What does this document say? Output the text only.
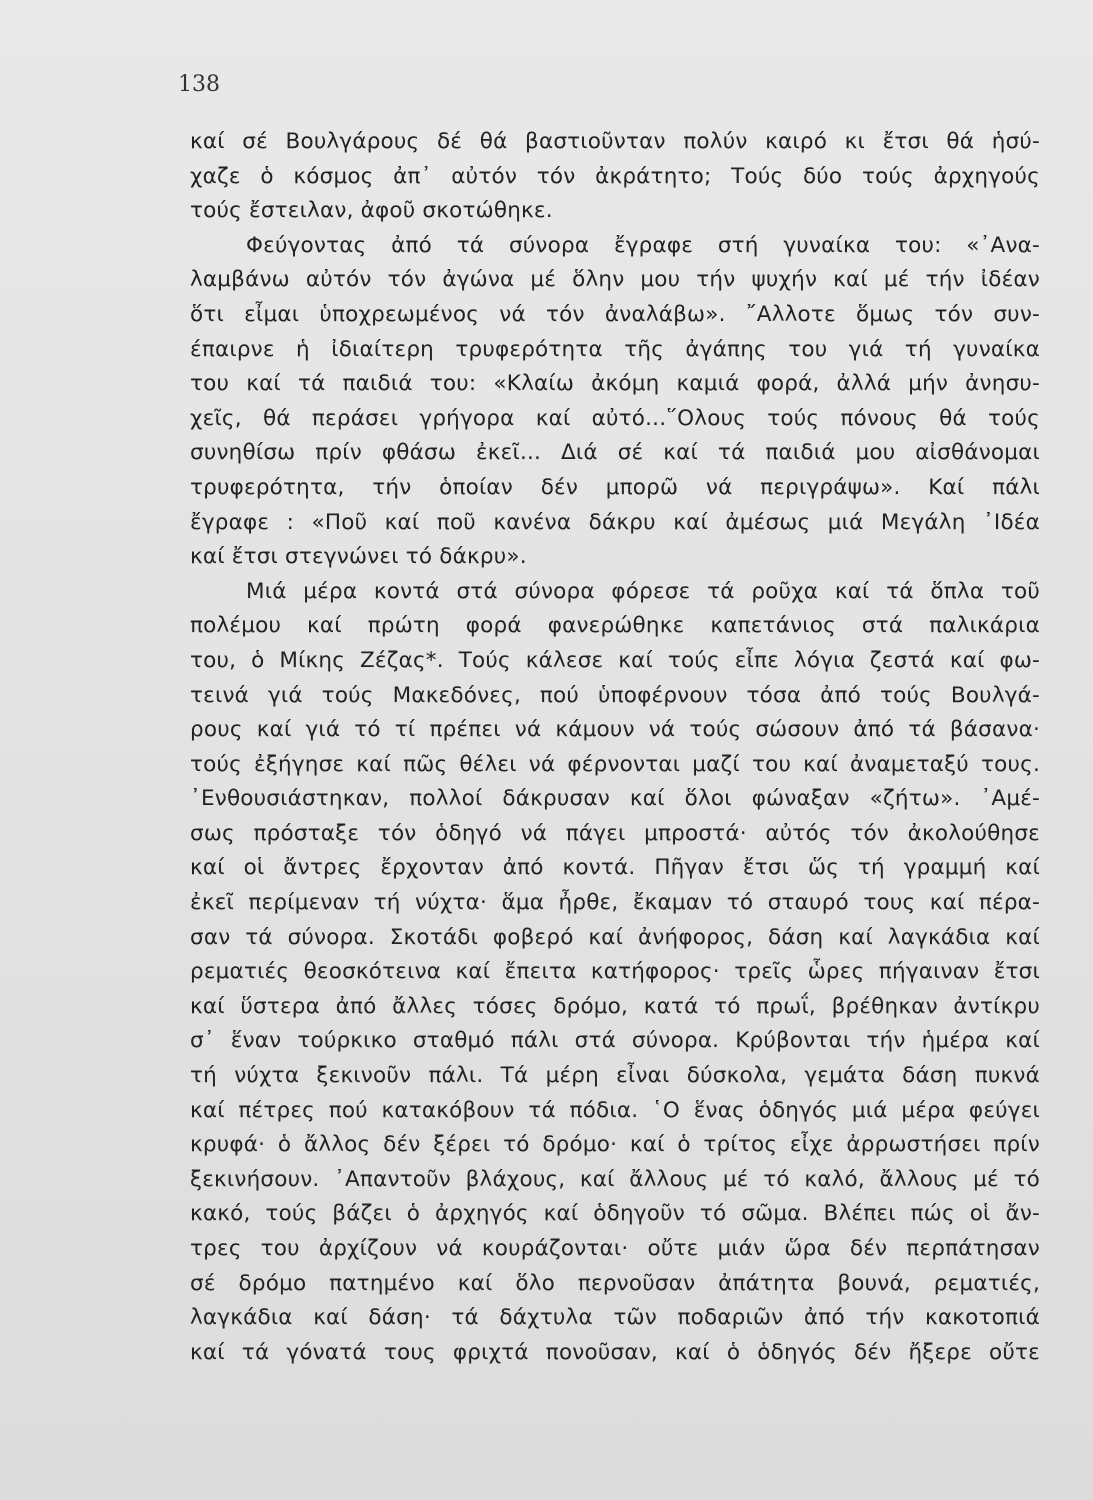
138
καί σέ Βουλγάρους δέ θά βαστιοῦνταν πολύν καιρό κι ἔτσι θά ἡσύ-
χαζε ὁ κόσμος ἀπ᾿ αὐτόν τόν ἀκράτητο; Τούς δύο τούς ἀρχηγούς
τούς ἔστειλαν, ἀφοῦ σκοτώθηκε.
Φεύγοντας ἀπό τά σύνορα ἔγραφε στή γυναίκα του: «᾿Ανα-
λαμβάνω αὐτόν τόν ἀγώνα μέ ὅλην μου τήν ψυχήν καί μέ τήν ἰδέαν
ὅτι εἶμαι ὑποχρεωμένος νά τόν ἀναλάβω». ῎Αλλοτε ὅμως τόν συν-
έπαιρνε ἡ ἰδιαίτερη τρυφερότητα τῆς ἀγάπης του γιά τή γυναίκα
του καί τά παιδιά του: «Κλαίω ἀκόμη καμιά φορά, ἀλλά μήν ἀνησυ-
χεῖς, θά περάσει γρήγορα καί αὐτό...῞Ολους τούς πόνους θά τούς
συνηθίσω πρίν φθάσω ἐκεῖ... Διά σέ καί τά παιδιά μου αἰσθάνομαι
τρυφερότητα, τήν ὁποίαν δέν μπορῶ νά περιγράψω». Καί πάλι
ἔγραφε : «Ποῦ καί ποῦ κανένα δάκρυ καί ἀμέσως μιά Μεγάλη ᾿Ιδέα
καί ἔτσι στεγνώνει τό δάκρυ».
Μιά μέρα κοντά στά σύνορα φόρεσε τά ροῦχα καί τά ὅπλα τοῦ
πολέμου καί πρώτη φορά φανερώθηκε καπετάνιος στά παλικάρια
του, ὁ Μίκης Ζέζας*. Τούς κάλεσε καί τούς εἶπε λόγια ζεστά καί φω-
τεινά γιά τούς Μακεδόνες, πού ὑποφέρνουν τόσα ἀπό τούς Βουλγά-
ρους καί γιά τό τί πρέπει νά κάμουν νά τούς σώσουν ἀπό τά βάσανα·
τούς ἐξήγησε καί πῶς θέλει νά φέρνονται μαζί του καί ἀναμεταξύ τους.
᾿Ενθουσιάστηκαν, πολλοί δάκρυσαν καί ὅλοι φώναξαν «ζήτω». ᾿Αμέ-
σως πρόσταξε τόν ὁδηγό νά πάγει μπροστά· αὐτός τόν ἀκολούθησε
καί οἱ ἄντρες ἔρχονταν ἀπό κοντά. Πῆγαν ἔτσι ὥς τή γραμμή καί
ἐκεῖ περίμεναν τή νύχτα· ἅμα ἦρθε, ἔκαμαν τό σταυρό τους καί πέρα-
σαν τά σύνορα. Σκοτάδι φοβερό καί ἀνήφορος, δάση καί λαγκάδια καί
ρεματιές θεοσκότεινα καί ἔπειτα κατήφορος· τρεῖς ὧρες πήγαιναν ἔτσι
καί ὕστερα ἀπό ἄλλες τόσες δρόμο, κατά τό πρωΐ, βρέθηκαν ἀντίκρυ
σ᾿ ἕναν τούρκικο σταθμό πάλι στά σύνορα. Κρύβονται τήν ἡμέρα καί
τή νύχτα ξεκινοῦν πάλι. Τά μέρη εἶναι δύσκολα, γεμάτα δάση πυκνά
καί πέτρες πού κατακόβουν τά πόδια. ῾Ο ἕνας ὁδηγός μιά μέρα φεύγει
κρυφά· ὁ ἄλλος δέν ξέρει τό δρόμο· καί ὁ τρίτος εἶχε ἀρρωστήσει πρίν
ξεκινήσουν. ᾿Απαντοῦν βλάχους, καί ἄλλους μέ τό καλό, ἄλλους μέ τό
κακό, τούς βάζει ὁ ἀρχηγός καί ὁδηγοῦν τό σῶμα. Βλέπει πώς οἱ ἄν-
τρες του ἀρχίζουν νά κουράζονται· οὔτε μιάν ὥρα δέν περπάτησαν
σέ δρόμο πατημένο καί ὅλο περνοῦσαν ἀπάτητα βουνά, ρεματιές,
λαγκάδια καί δάση· τά δάχτυλα τῶν ποδαριῶν ἀπό τήν κακοτοπιά
καί τά γόνατά τους φριχτά πονοῦσαν, καί ὁ ὁδηγός δέν ἤξερε οὔτε
